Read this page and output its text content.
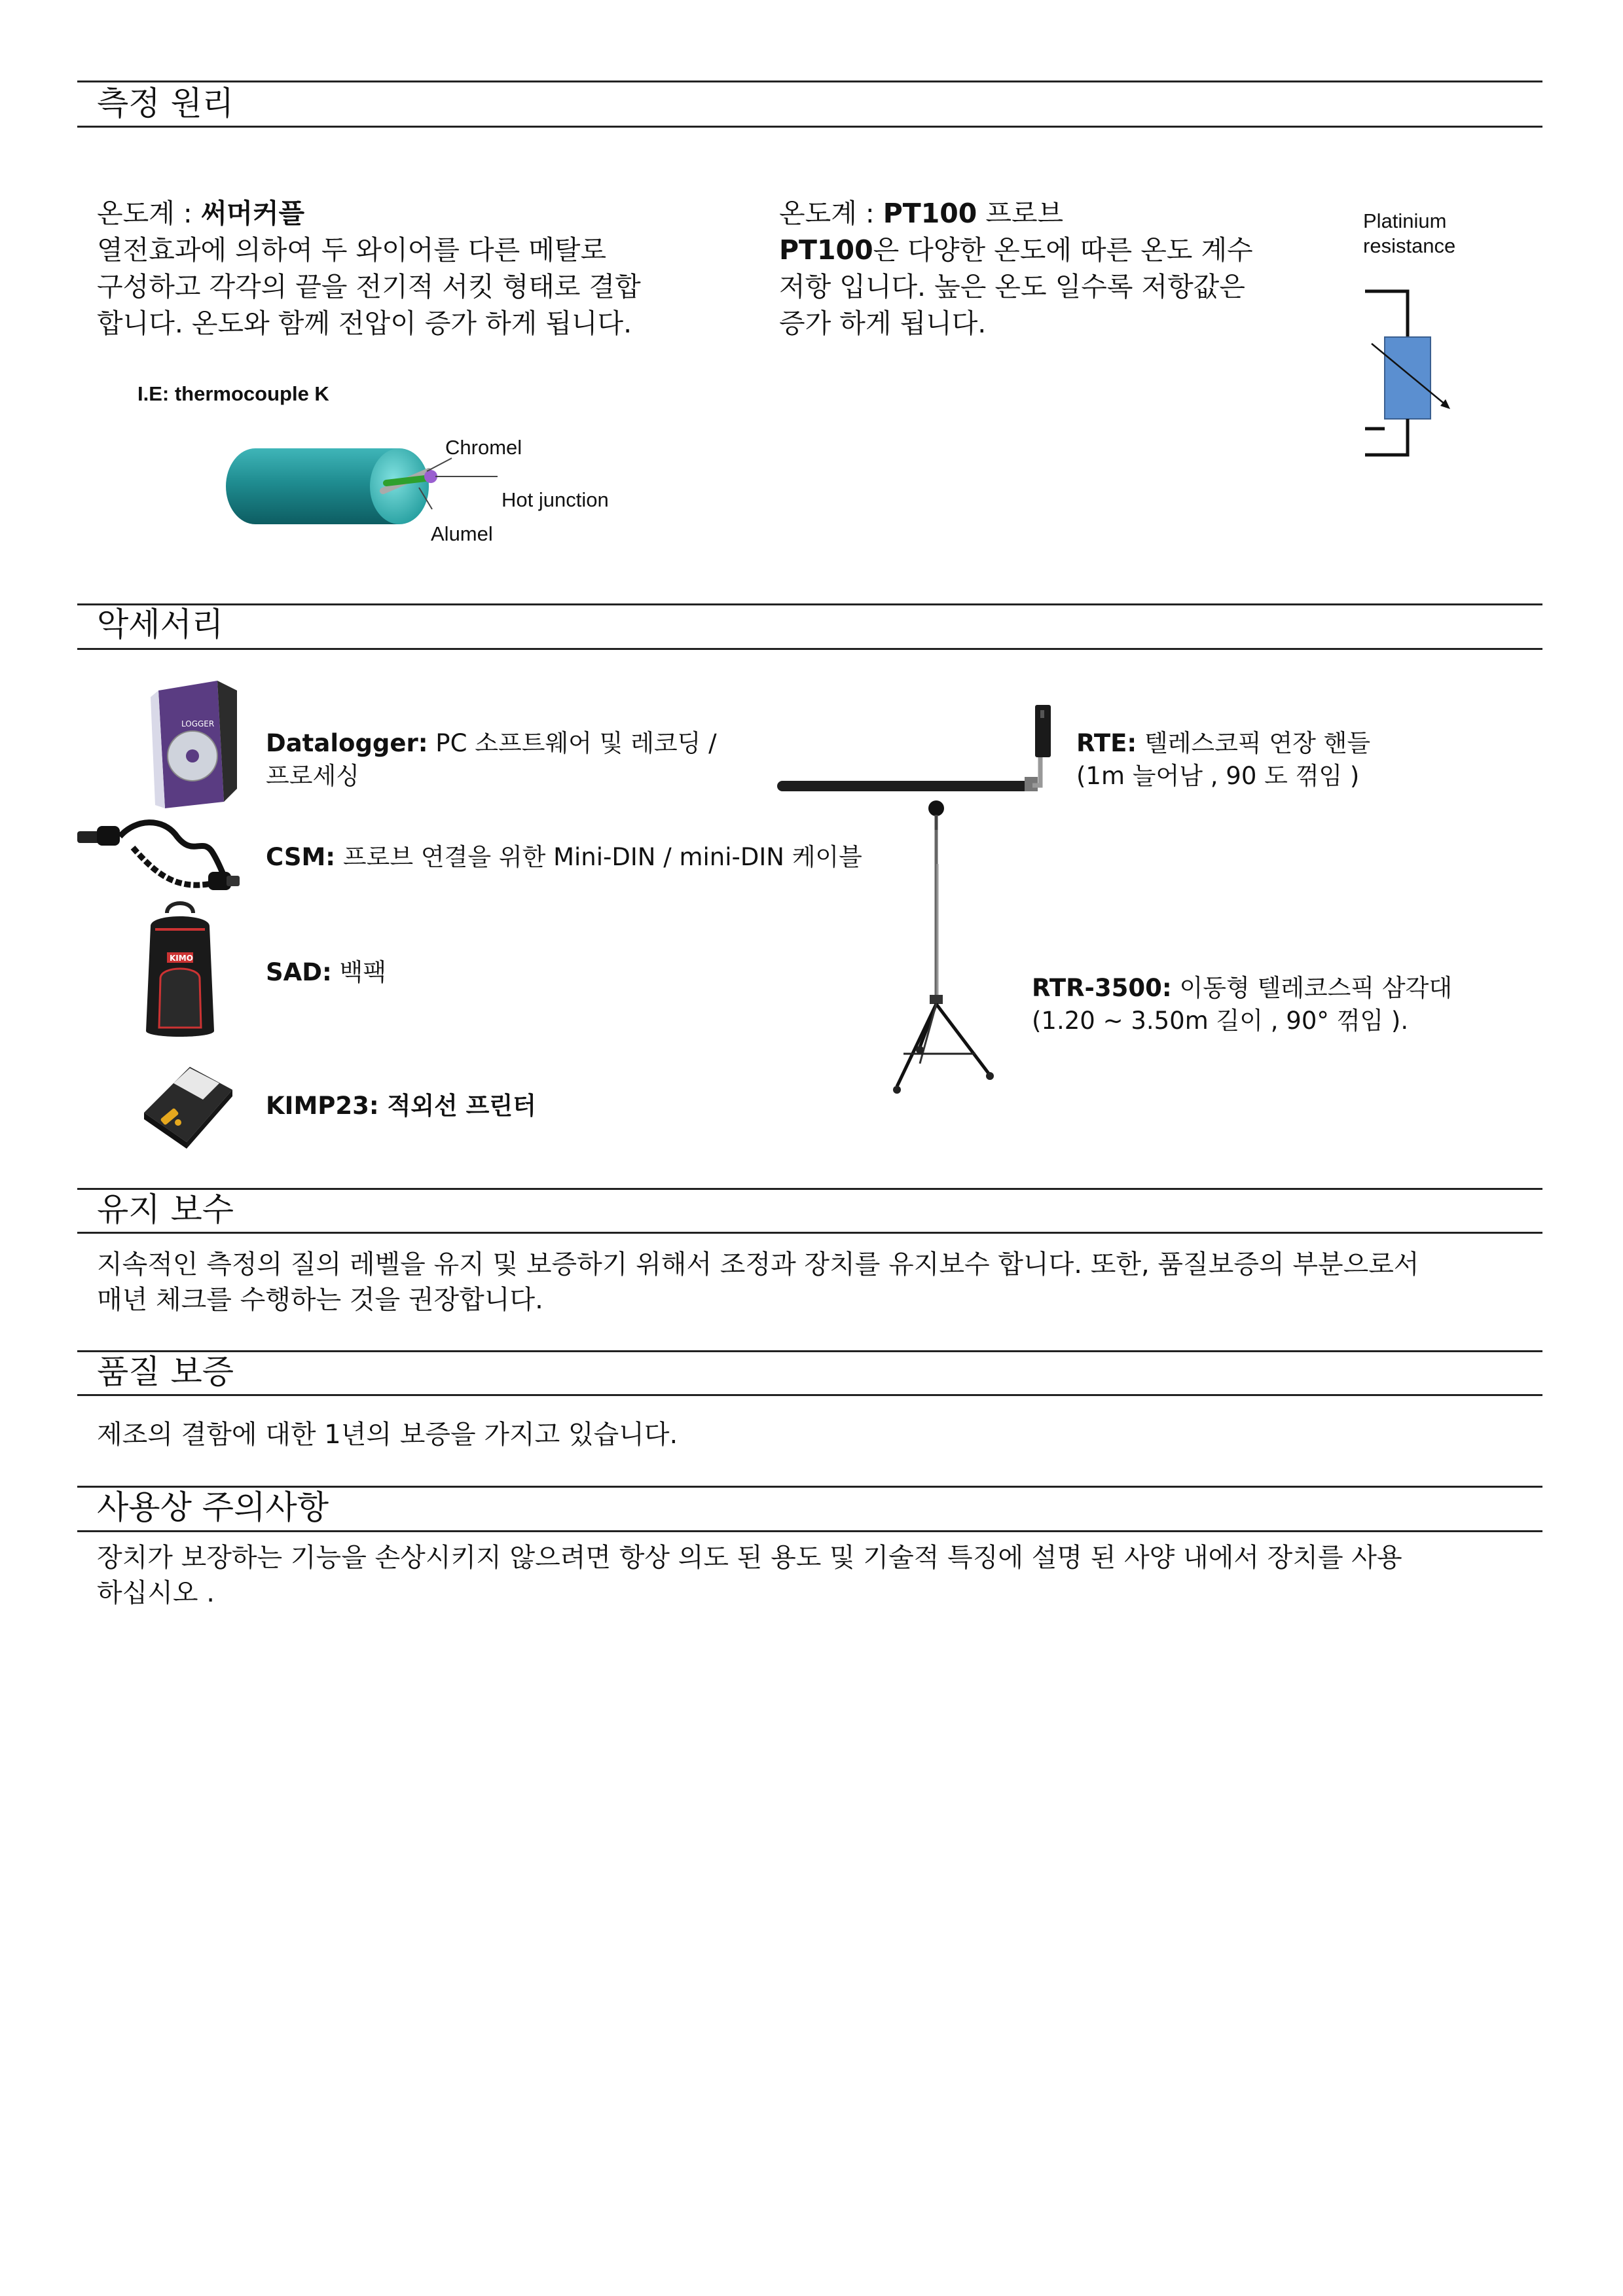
측정 원리
온도계 : 써머커플
열전효과에 의하여 두 와이어를 다른 메탈로
구성하고 각각의 끝을 전기적 서킷 형태로 결합
합니다. 온도와 함께 전압이 증가 하게 됩니다.
I.E: thermocouple K
Chromel
Hot junction
Alumel
온도계 : PT100 프로브
PT100은 다양한 온도에 따른 온도 계수
저항 입니다. 높은 온도 일수록 저항값은
증가 하게 됩니다.
Platinium
resistance
악세서리
LOGGER
KIMO
Datalogger: PC 소프트웨어 및 레코딩 /
프로세싱
CSM: 프로브 연결을 위한 Mini-DIN / mini-DIN 케이블
SAD: 백팩
KIMP23: 적외선 프린터
RTE: 텔레스코픽 연장 핸들
(1m 늘어남 , 90 도 꺾임 )
RTR-3500: 이동형 텔레코스픽 삼각대
(1.20 ~ 3.50m 길이 , 90° 꺾임 ).
유지 보수
지속적인 측정의 질의 레벨을 유지 및 보증하기 위해서 조정과 장치를 유지보수 합니다. 또한, 품질보증의 부분으로서
매년 체크를 수행하는 것을 권장합니다.
품질 보증
제조의 결함에 대한 1년의 보증을 가지고 있습니다.
사용상 주의사항
장치가 보장하는 기능을 손상시키지 않으려면 항상 의도 된 용도 및 기술적 특징에 설명 된 사양 내에서 장치를 사용
하십시오 .
